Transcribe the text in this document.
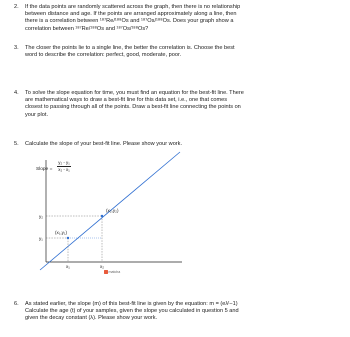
2. If the data points are randomly scattered across the graph, then there is no relationship
between distance and age. If the points are arranged approximately along a line, then
there is a correlation between ¹⁸⁷Re/¹⁸⁸Os and ¹⁸⁷Os/¹⁸⁸Os. Does your graph show a
correlation between ¹⁸⁷Re/¹⁸⁸Os and ¹⁸⁷Os/¹⁸⁸Os?
3. The closer the points lie to a single line, the better the correlation is. Choose the best
word to describe the correlation: perfect, good, moderate, poor.
4. To solve the slope equation for time, you must find an equation for the best-fit line. There
are mathematical ways to draw a best-fit line for this data set, i.e., one that comes
closest to passing through all of the points. Draw a best-fit line connecting the points on
your plot.
5. Calculate the slope of your best-fit line. Please show your work.
Slope = $\frac{\text{y₂ - y₁}}{\text{x₂ - x₁}}$
(x₁,y₁)
(x₂,y₂)
y₂
y₁
x₁	x₂
matcha
6. As stated earlier, the slope (m) of this best-fit line is given by the equation: m = (eλᵗ−1)
Calculate the age (t) of your samples, given the slope you calculated in question 5 and
given the decay constant (λ). Please show your work.
